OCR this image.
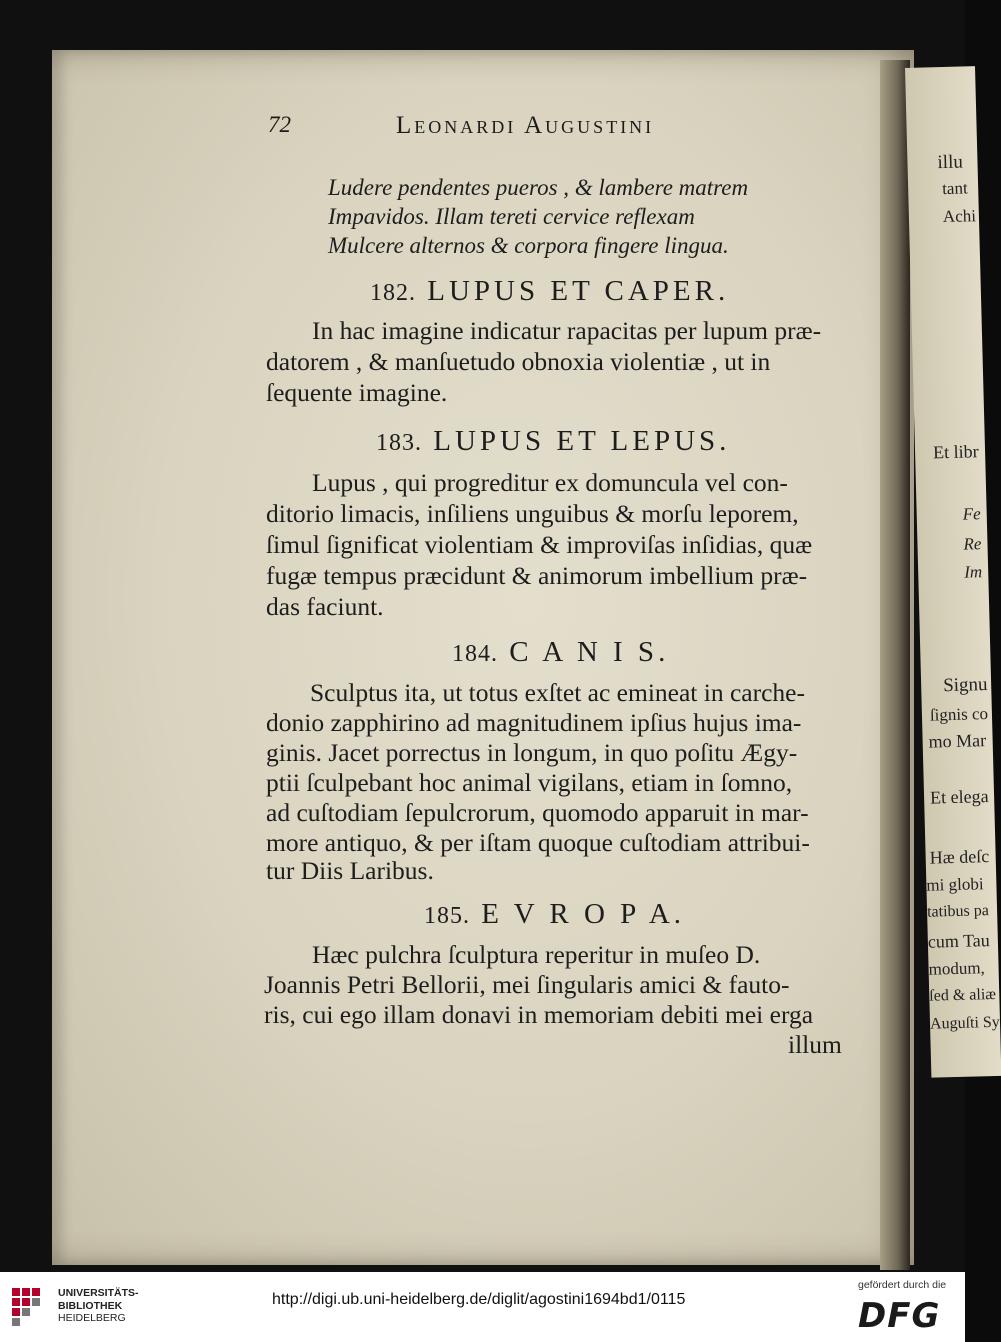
illu
tant
Achi
Et libr
Fe
Re
Im
Signu
ſignis co
mo Mar
Et elega
Hæ deſc
mi globi
tatibus pa
cum Tau
modum,
ſed & aliæ
Auguſti Sy
72	Leonardi Augustini
Ludere pendentes pueros , & lambere matrem
Impavidos. Illam tereti cervice reflexam
Mulcere alternos & corpora fingere lingua.
182. LUPUS ET CAPER.
In hac imagine indicatur rapacitas per lupum præ-
datorem , & manſuetudo obnoxia violentiæ , ut in
ſequente imagine.
183. LUPUS ET LEPUS.
Lupus , qui progreditur ex domuncula vel con-
ditorio limacis, inſiliens unguibus & morſu leporem,
ſimul ſignificat violentiam & improviſas inſidias, quæ
fugæ tempus præcidunt & animorum imbellium præ-
das faciunt.
184. C A N I S.
Sculptus ita, ut totus exſtet ac emineat in carche-
donio zapphirino ad magnitudinem ipſius hujus ima-
ginis. Jacet porrectus in longum, in quo poſitu Ægy-
ptii ſculpebant hoc animal vigilans, etiam in ſomno,
ad cuſtodiam ſepulcrorum, quomodo apparuit in mar-
more antiquo, & per iſtam quoque cuſtodiam attribui-
tur Diis Laribus.
185. E V R O P A.
Hæc pulchra ſculptura reperitur in muſeo D.
Joannis Petri Bellorii, mei ſingularis amici & fauto-
ris, cui ego illam donavi in memoriam debiti mei erga
illum
UNIVERSITÄTS-
BIBLIOTHEK
HEIDELBERG
http://digi.ub.uni-heidelberg.de/diglit/agostini1694bd1/0115
gefördert durch die
DFG
